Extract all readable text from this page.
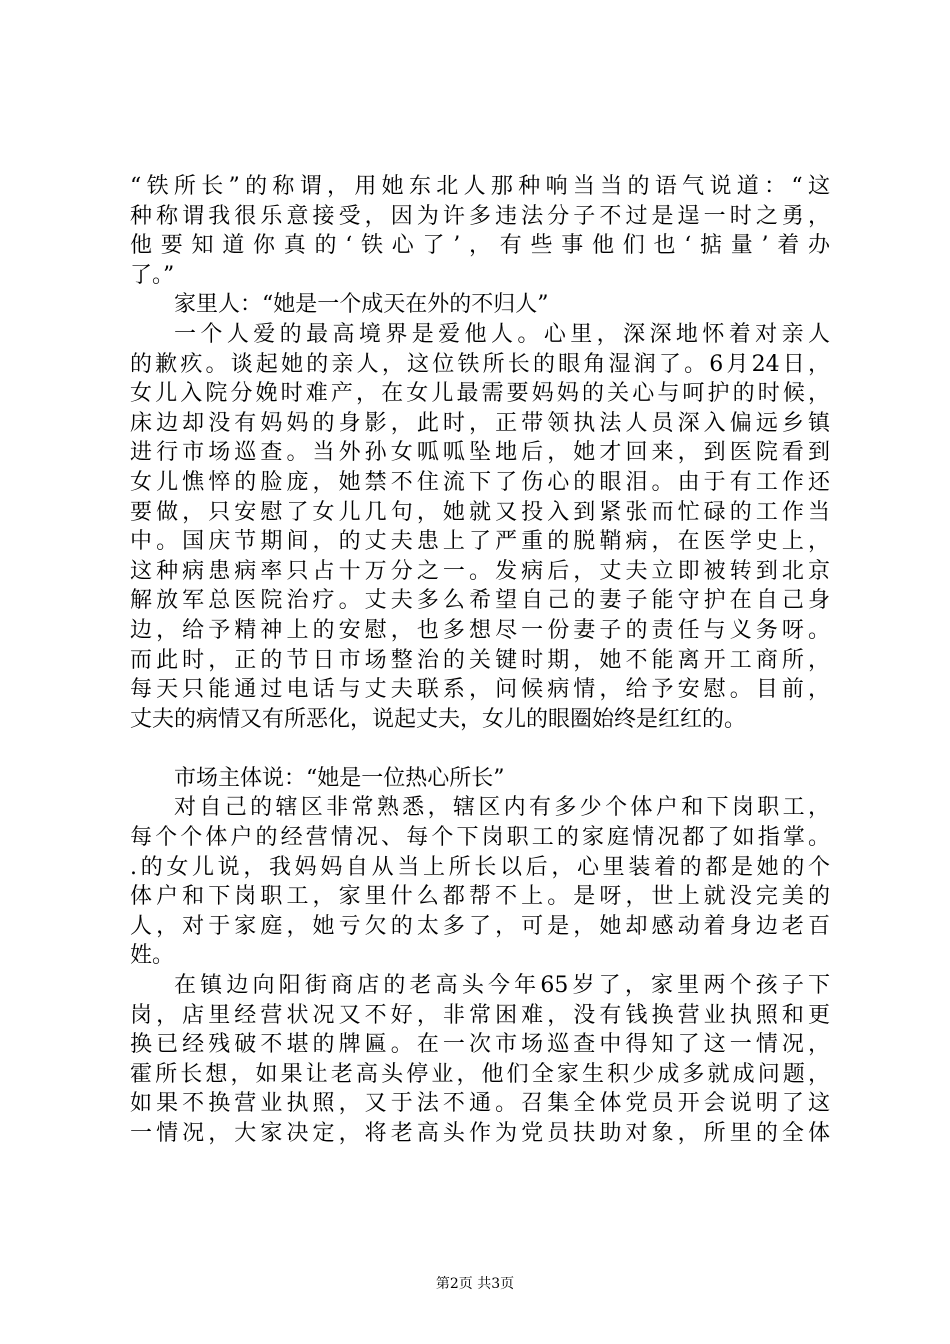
“铁所长”的称谓，用她东北人那种响当当的语气说道：“这
种称谓我很乐意接受，因为许多违法分子不过是逞一时之勇，
他要知道你真的‘铁心了’，有些事他们也‘掂量’着办
了。”
家里人：“她是一个成天在外的不归人”
一个人爱的最高境界是爱他人。心里，深深地怀着对亲人
的歉疚。谈起她的亲人，这位铁所长的眼角湿润了。6月24日，
女儿入院分娩时难产，在女儿最需要妈妈的关心与呵护的时候，
床边却没有妈妈的身影，此时，正带领执法人员深入偏远乡镇
进行市场巡查。当外孙女呱呱坠地后，她才回来，到医院看到
女儿憔悴的脸庞，她禁不住流下了伤心的眼泪。由于有工作还
要做，只安慰了女儿几句，她就又投入到紧张而忙碌的工作当
中。国庆节期间，的丈夫患上了严重的脱鞘病，在医学史上，
这种病患病率只占十万分之一。发病后，丈夫立即被转到北京
解放军总医院治疗。丈夫多么希望自己的妻子能守护在自己身
边，给予精神上的安慰，也多想尽一份妻子的责任与义务呀。
而此时，正的节日市场整治的关键时期，她不能离开工商所，
每天只能通过电话与丈夫联系，问候病情，给予安慰。目前，
丈夫的病情又有所恶化，说起丈夫，女儿的眼圈始终是红红的。
市场主体说：“她是一位热心所长”
对自己的辖区非常熟悉，辖区内有多少个体户和下岗职工，
每个个体户的经营情况、每个下岗职工的家庭情况都了如指掌。
.的女儿说，我妈妈自从当上所长以后，心里装着的都是她的个
体户和下岗职工，家里什么都帮不上。是呀，世上就没完美的
人，对于家庭，她亏欠的太多了，可是，她却感动着身边老百
姓。
在镇边向阳街商店的老高头今年65岁了，家里两个孩子下
岗，店里经营状况又不好，非常困难，没有钱换营业执照和更
换已经残破不堪的牌匾。在一次市场巡查中得知了这一情况，
霍所长想，如果让老高头停业，他们全家生积少成多就成问题，
如果不换营业执照，又于法不通。召集全体党员开会说明了这
一情况，大家决定，将老高头作为党员扶助对象，所里的全体
第2页 共3页
